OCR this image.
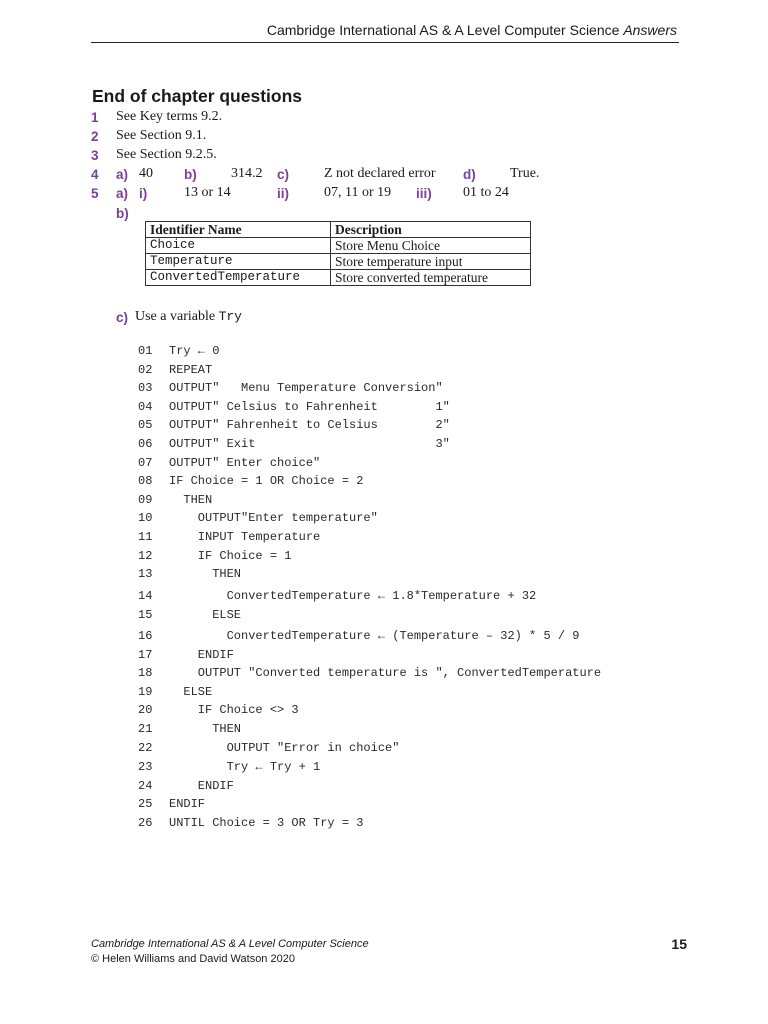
Cambridge International AS & A Level Computer Science Answers
End of chapter questions
1 See Key terms 9.2.
2 See Section 9.1.
3 See Section 9.2.5.
4 a) 40 b) 314.2 c) Z not declared error d) True.
5 a) i)	13 or 14	ii)	07, 11 or 19 iii) 01 to 24
b)
Identifier Name	Description
Choice	Store Menu Choice
Temperature	Store temperature input
ConvertedTemperature	Store converted temperature
c) Use a variable Try
01	Try ← 0
02	REPEAT
03	OUTPUT"   Menu Temperature Conversion"
04	OUTPUT" Celsius to Fahrenheit        1"
05	OUTPUT" Fahrenheit to Celsius        2"
06	OUTPUT" Exit                         3"
07	OUTPUT" Enter choice"
08	IF Choice = 1 OR Choice = 2
09	THEN
10	OUTPUT"Enter temperature"
11	INPUT Temperature
12	IF Choice = 1
13	THEN
14	ConvertedTemperature ← 1.8*Temperature + 32
15	ELSE
16	ConvertedTemperature ← (Temperature – 32) * 5 / 9
17	ENDIF
18	OUTPUT "Converted temperature is ", ConvertedTemperature
19	ELSE
20	IF Choice <> 3
21	THEN
22	OUTPUT "Error in choice"
23	Try ← Try + 1
24	ENDIF
25	ENDIF
26	UNTIL Choice = 3 OR Try = 3
Cambridge International AS & A Level Computer Science
© Helen Williams and David Watson 2020
15
